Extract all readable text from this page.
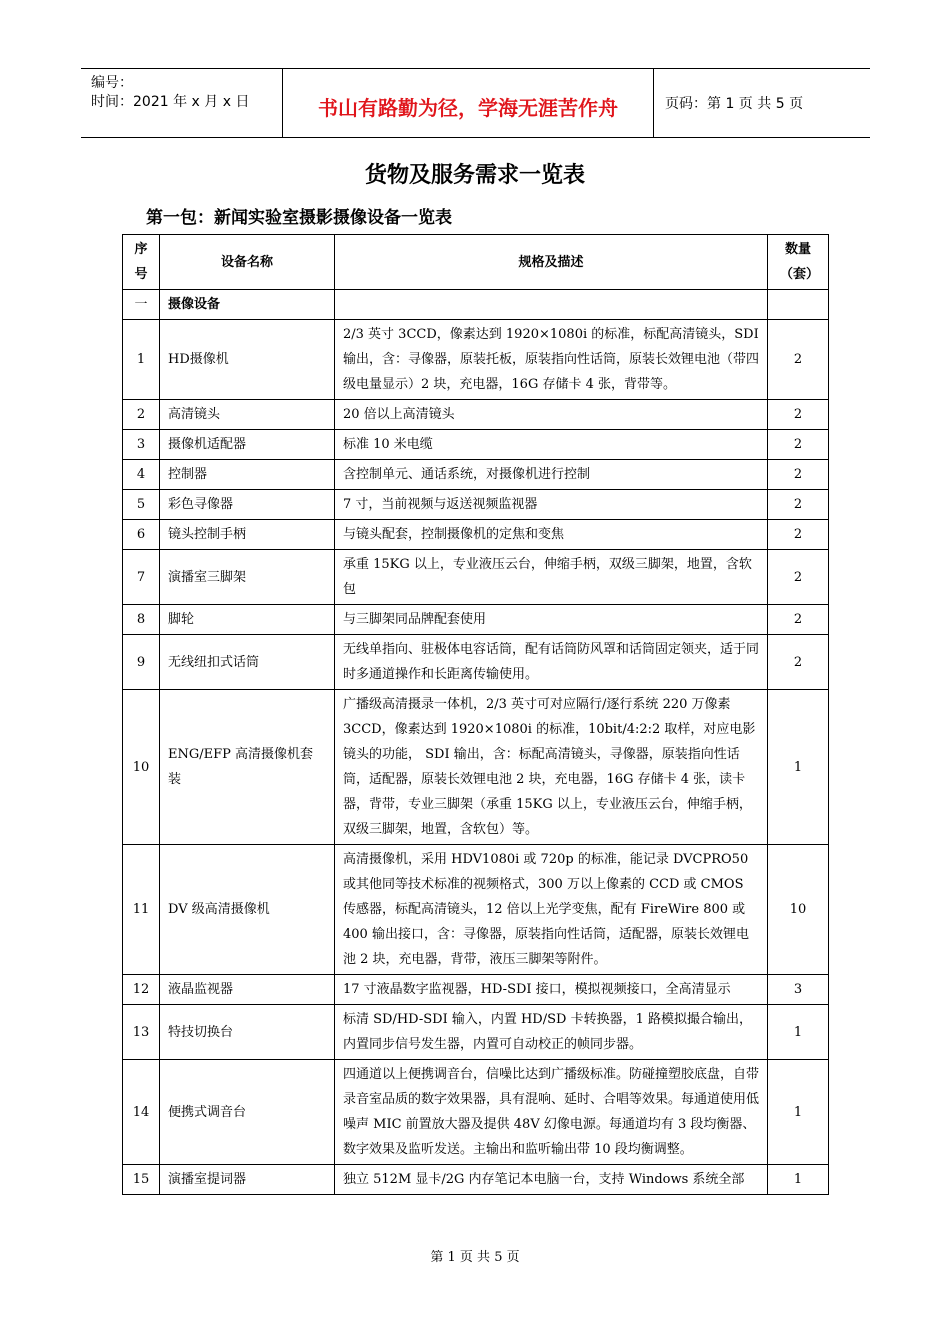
编号：
时间：2021 年 x 月 x 日	书山有路勤为径，学海无涯苦作舟	页码：第 1 页 共 5 页
货物及服务需求一览表
第一包：新闻实验室摄影摄像设备一览表
序号	设备名称	规格及描述	数量（套）
一	摄像设备		
1	HD摄像机	2/3 英寸 3CCD，像素达到 1920×1080i 的标准，标配高清镜头，SDI 输出，含：寻像器，原装托板，原装指向性话筒，原装长效锂电池（带四级电量显示）2 块，充电器，16G 存储卡 4 张，背带等。	2
2	高清镜头	20 倍以上高清镜头	2
3	摄像机适配器	标准 10 米电缆	2
4	控制器	含控制单元、通话系统，对摄像机进行控制	2
5	彩色寻像器	7 寸，当前视频与返送视频监视器	2
6	镜头控制手柄	与镜头配套，控制摄像机的定焦和变焦	2
7	演播室三脚架	承重 15KG 以上，专业液压云台，伸缩手柄，双级三脚架，地置，含软包	2
8	脚轮	与三脚架同品牌配套使用	2
9	无线纽扣式话筒	无线单指向、驻极体电容话筒，配有话筒防风罩和话筒固定领夹，适于同时多通道操作和长距离传输使用。	2
10	ENG/EFP 高清摄像机套装	广播级高清摄录一体机，2/3 英寸可对应隔行/逐行系统 220 万像素 3CCD，像素达到 1920×1080i 的标准，10bit/4:2:2 取样，对应电影镜头的功能， SDI 输出，含：标配高清镜头，寻像器，原装指向性话筒，适配器，原装长效锂电池 2 块，充电器，16G 存储卡 4 张，读卡器，背带，专业三脚架（承重 15KG 以上，专业液压云台，伸缩手柄，双级三脚架，地置，含软包）等。	1
11	DV 级高清摄像机	高清摄像机，采用 HDV1080i 或 720p 的标准，能记录 DVCPRO50 或其他同等技术标准的视频格式，300 万以上像素的 CCD 或 CMOS 传感器，标配高清镜头，12 倍以上光学变焦，配有 FireWire 800 或 400 输出接口，含：寻像器，原装指向性话筒，适配器，原装长效锂电池 2 块，充电器，背带，液压三脚架等附件。	10
12	液晶监视器	17 寸液晶数字监视器，HD-SDI 接口，模拟视频接口，全高清显示	3
13	特技切换台	标清 SD/HD-SDI 输入，内置 HD/SD 卡转换器，1 路模拟撮合输出，内置同步信号发生器，内置可自动校正的帧同步器。	1
14	便携式调音台	四通道以上便携调音台，信噪比达到广播级标准。防碰撞塑胶底盘，自带录音室品质的数字效果器，具有混响、延时、合唱等效果。每通道使用低噪声 MIC 前置放大器及提供 48V 幻像电源。每通道均有 3 段均衡器、数字效果及监听发送。主输出和监听输出带 10 段均衡调整。	1
15	演播室提词器	独立 512M 显卡/2G 内存笔记本电脑一台，支持 Windows 系统全部	1
第 1 页 共 5 页
